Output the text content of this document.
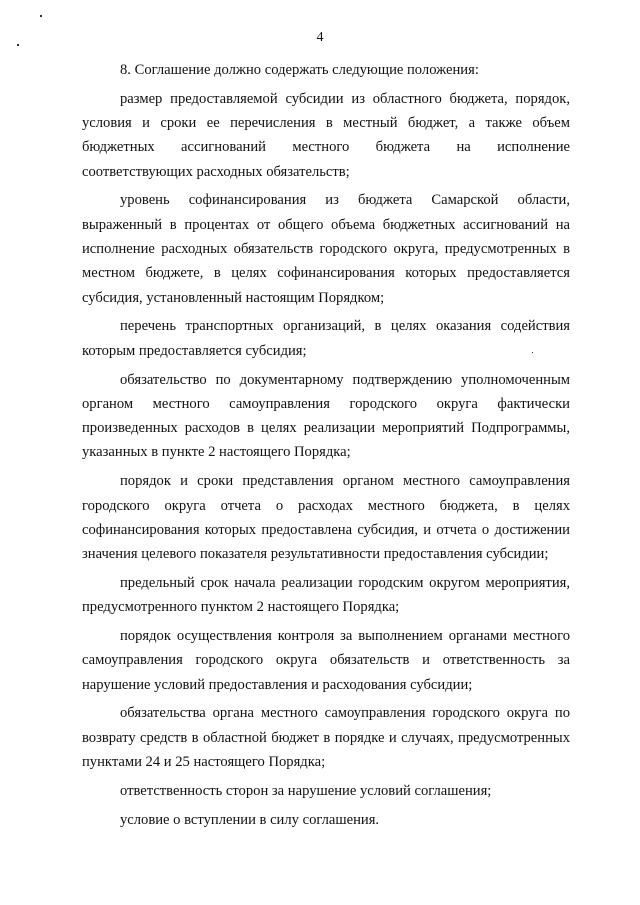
4

8. Соглашение должно содержать следующие положения:

размер предоставляемой субсидии из областного бюджета, порядок, условия и сроки ее перечисления в местный бюджет, а также объем бюджетных ассигнований местного бюджета на исполнение соответствующих расходных обязательств;

уровень софинансирования из бюджета Самарской области, выраженный в процентах от общего объема бюджетных ассигнований на исполнение расходных обязательств городского округа, предусмотренных в местном бюджете, в целях софинансирования которых предоставляется субсидия, установленный настоящим Порядком;

перечень транспортных организаций, в целях оказания содействия которым предоставляется субсидия;

обязательство по документарному подтверждению уполномоченным органом местного самоуправления городского округа фактически произведенных расходов в целях реализации мероприятий Подпрограммы, указанных в пункте 2 настоящего Порядка;

порядок и сроки представления органом местного самоуправления городского округа отчета о расходах местного бюджета, в целях софинансирования которых предоставлена субсидия, и отчета о достижении значения целевого показателя результативности предоставления субсидии;

предельный срок начала реализации городским округом мероприятия, предусмотренного пунктом 2 настоящего Порядка;

порядок осуществления контроля за выполнением органами местного самоуправления городского округа обязательств и ответственность за нарушение условий предоставления и расходования субсидии;

обязательства органа местного самоуправления городского округа по возврату средств в областной бюджет в порядке и случаях, предусмотренных пунктами 24 и 25 настоящего Порядка;

ответственность сторон за нарушение условий соглашения;

условие о вступлении в силу соглашения.
